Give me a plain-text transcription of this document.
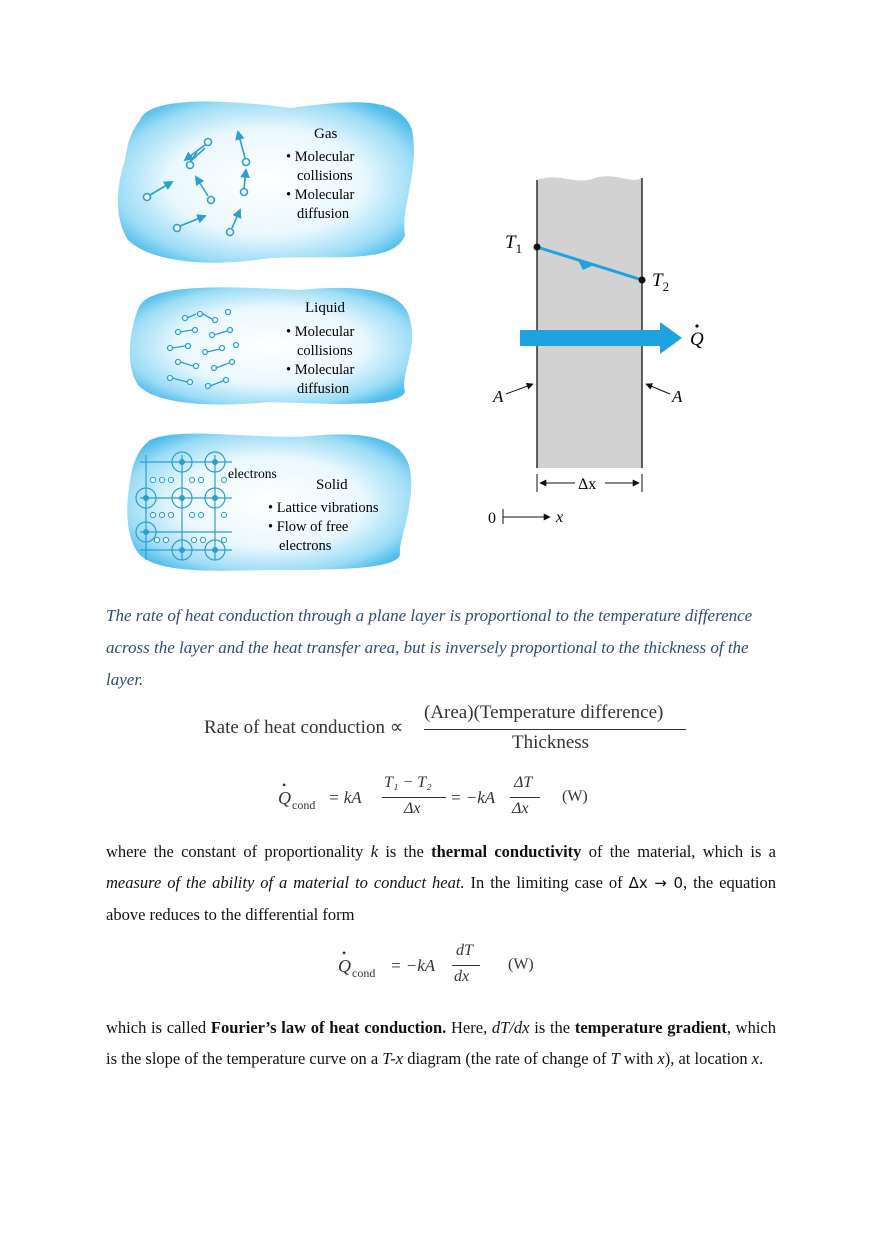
Gas
• Molecular
collisions
• Molecular
diffusion
Liquid
• Molecular
collisions
• Molecular
diffusion
electrons
Solid
• Lattice vibrations
• Flow of free
electrons
$T_1$
$T_2$
Q
A	A
Δx
0	x
The rate of heat conduction through a plane layer is proportional to the temperature difference across the layer and the heat transfer area, but is inversely proportional to the thickness of the layer.
Rate of heat conduction ∝
(Area)(Temperature difference)
Thickness
•
Q cond = kA
T₁ − T₂
Δx
= −kA
ΔT
Δx
(W)
where the constant of proportionality k is the thermal conductivity of the material, which is a measure of the ability of a material to conduct heat. In the limiting case of Δx → 0, the equation above reduces to the differential form
•
Q cond = −kA
dT
dx
(W)
which is called Fourier’s law of heat conduction. Here, dT/dx is the temperature gradient, which is the slope of the temperature curve on a T-x diagram (the rate of change of T with x), at location x.
